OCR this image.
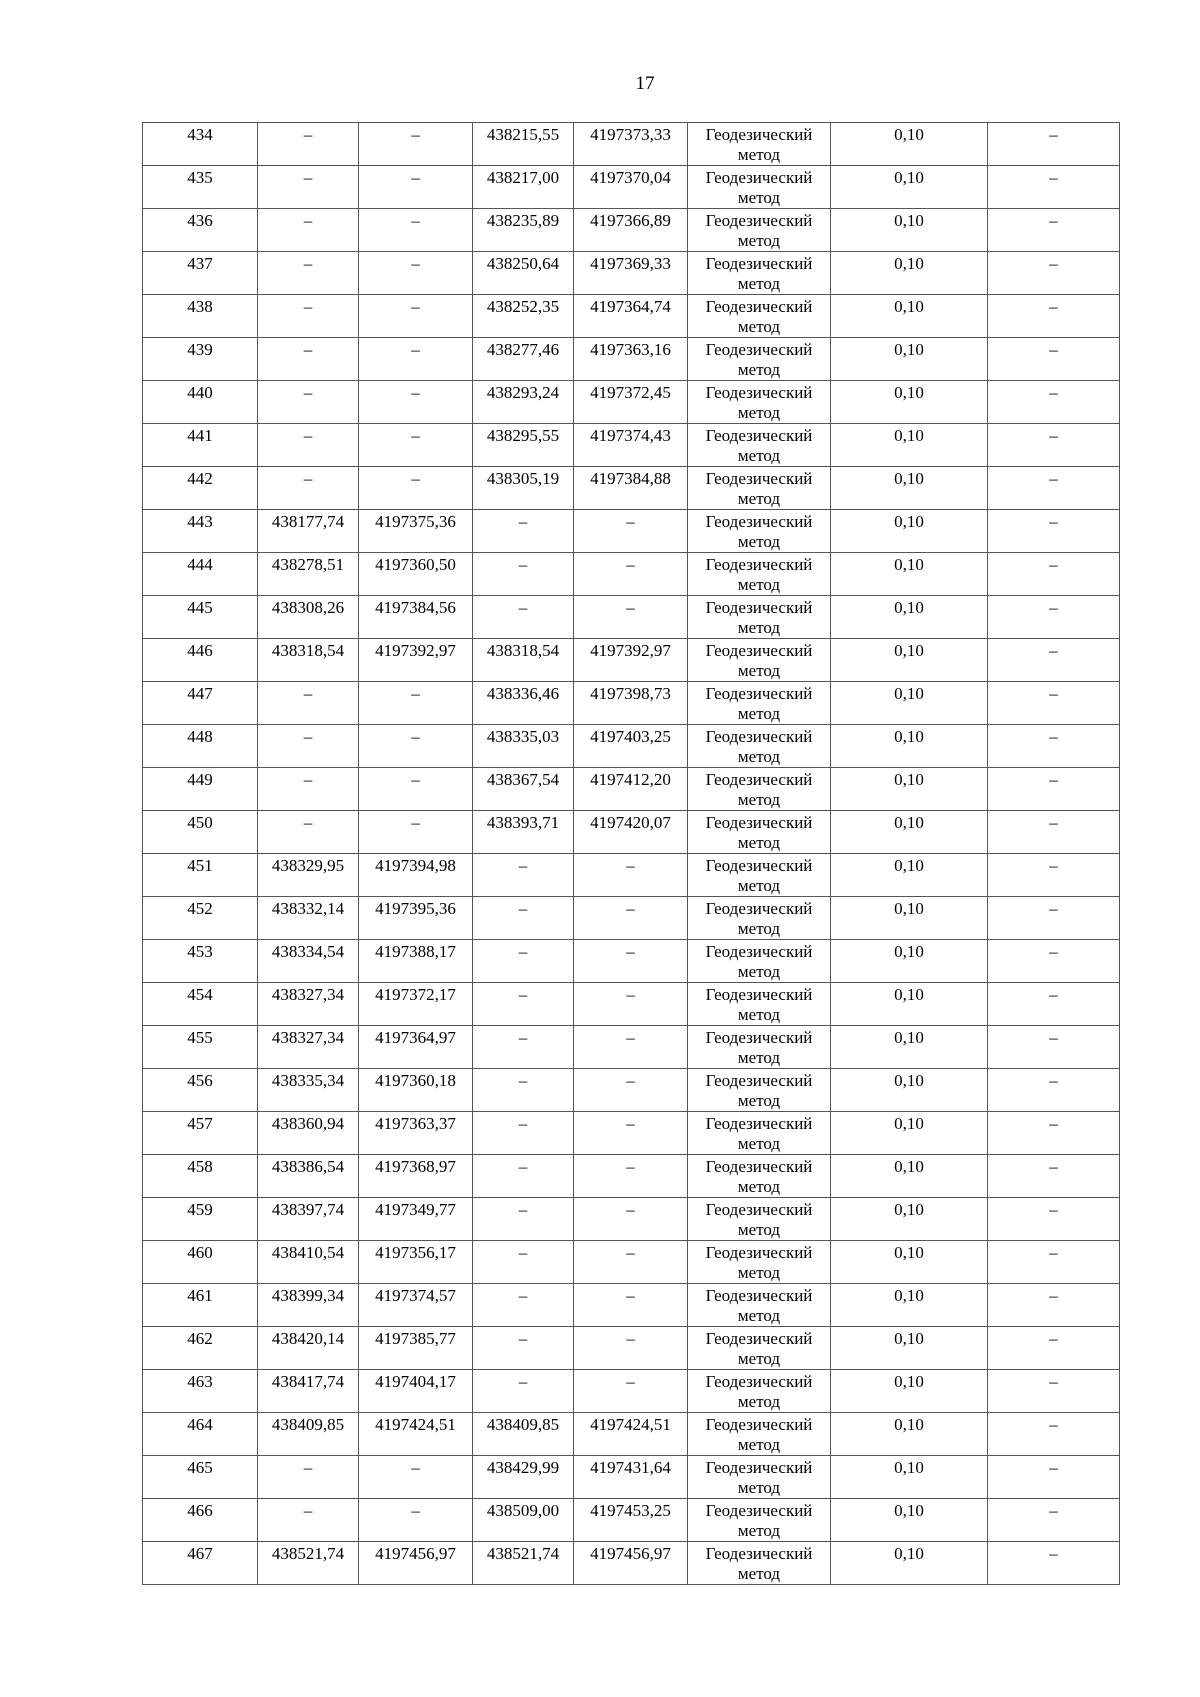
17
434	–	–	438215,55	4197373,33	Геодезический метод	0,10	–

435	–	–	438217,00	4197370,04	Геодезический метод	0,10	–

436	–	–	438235,89	4197366,89	Геодезический метод	0,10	–

437	–	–	438250,64	4197369,33	Геодезический метод	0,10	–

438	–	–	438252,35	4197364,74	Геодезический метод	0,10	–

439	–	–	438277,46	4197363,16	Геодезический метод	0,10	–

440	–	–	438293,24	4197372,45	Геодезический метод	0,10	–

441	–	–	438295,55	4197374,43	Геодезический метод	0,10	–

442	–	–	438305,19	4197384,88	Геодезический метод	0,10	–

443	438177,74	4197375,36	–	–	Геодезический метод	0,10	–

444	438278,51	4197360,50	–	–	Геодезический метод	0,10	–

445	438308,26	4197384,56	–	–	Геодезический метод	0,10	–

446	438318,54	4197392,97	438318,54	4197392,97	Геодезический метод	0,10	–

447	–	–	438336,46	4197398,73	Геодезический метод	0,10	–

448	–	–	438335,03	4197403,25	Геодезический метод	0,10	–

449	–	–	438367,54	4197412,20	Геодезический метод	0,10	–

450	–	–	438393,71	4197420,07	Геодезический метод	0,10	–

451	438329,95	4197394,98	–	–	Геодезический метод	0,10	–

452	438332,14	4197395,36	–	–	Геодезический метод	0,10	–

453	438334,54	4197388,17	–	–	Геодезический метод	0,10	–

454	438327,34	4197372,17	–	–	Геодезический метод	0,10	–

455	438327,34	4197364,97	–	–	Геодезический метод	0,10	–

456	438335,34	4197360,18	–	–	Геодезический метод	0,10	–

457	438360,94	4197363,37	–	–	Геодезический метод	0,10	–

458	438386,54	4197368,97	–	–	Геодезический метод	0,10	–

459	438397,74	4197349,77	–	–	Геодезический метод	0,10	–

460	438410,54	4197356,17	–	–	Геодезический метод	0,10	–

461	438399,34	4197374,57	–	–	Геодезический метод	0,10	–

462	438420,14	4197385,77	–	–	Геодезический метод	0,10	–

463	438417,74	4197404,17	–	–	Геодезический метод	0,10	–

464	438409,85	4197424,51	438409,85	4197424,51	Геодезический метод	0,10	–

465	–	–	438429,99	4197431,64	Геодезический метод	0,10	–

466	–	–	438509,00	4197453,25	Геодезический метод	0,10	–

467	438521,74	4197456,97	438521,74	4197456,97	Геодезический метод	0,10	–
